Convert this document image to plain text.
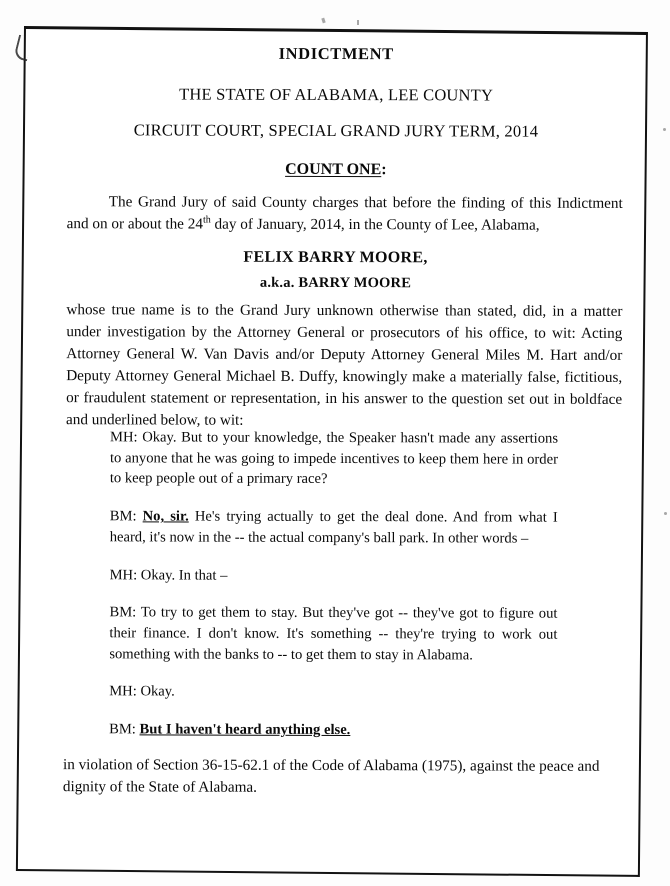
INDICTMENT
THE STATE OF ALABAMA, LEE COUNTY
CIRCUIT COURT, SPECIAL GRAND JURY TERM, 2014
COUNT ONE:
The Grand Jury of said County charges that before the finding of this Indictment and on or about the 24th day of January, 2014, in the County of Lee, Alabama,
FELIX BARRY MOORE,
a.k.a. BARRY MOORE
whose true name is to the Grand Jury unknown otherwise than stated, did, in a matter under investigation by the Attorney General or prosecutors of his office, to wit: Acting Attorney General W. Van Davis and/or Deputy Attorney General Miles M. Hart and/or Deputy Attorney General Michael B. Duffy, knowingly make a materially false, fictitious, or fraudulent statement or representation, in his answer to the question set out in boldface and underlined below, to wit:
MH: Okay. But to your knowledge, the Speaker hasn't made any assertions to anyone that he was going to impede incentives to keep them here in order to keep people out of a primary race?
BM: No, sir. He's trying actually to get the deal done. And from what I heard, it's now in the -- the actual company's ball park. In other words –
MH: Okay. In that –
BM: To try to get them to stay. But they've got -- they've got to figure out their finance. I don't know. It's something -- they're trying to work out something with the banks to -- to get them to stay in Alabama.
MH: Okay.
BM: But I haven't heard anything else.
in violation of Section 36-15-62.1 of the Code of Alabama (1975), against the peace and dignity of the State of Alabama.
